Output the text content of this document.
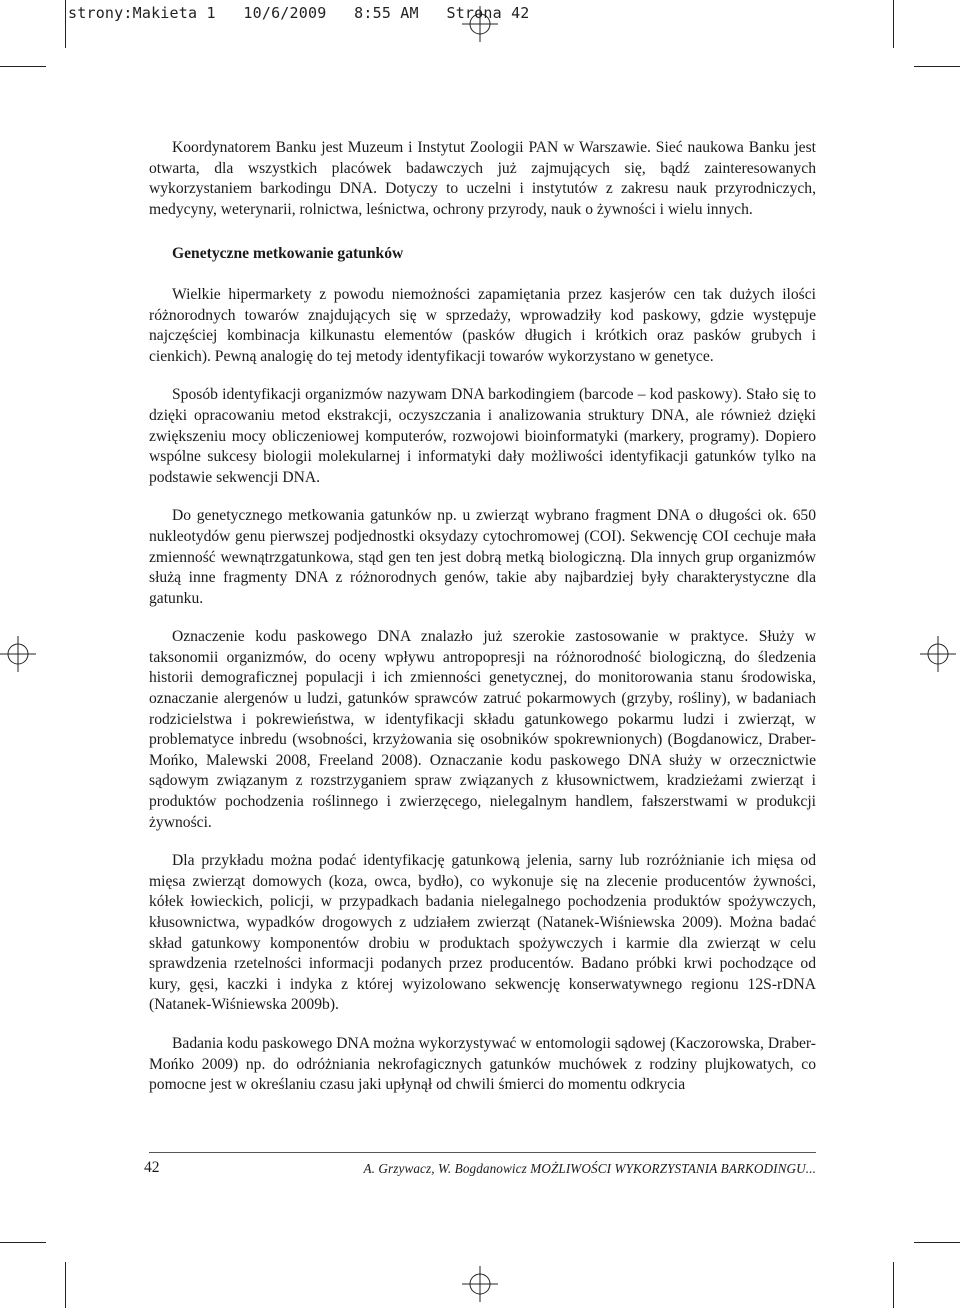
strony:Makieta 1   10/6/2009   8:55 AM   Strona 42

Koordynatorem Banku jest Muzeum i Instytut Zoologii PAN w Warszawie. Sieć naukowa Banku jest otwarta, dla wszystkich placówek badawczych już zajmujących się, bądź zainteresowanych wykorzystaniem barkodingu DNA. Dotyczy to uczelni i instytutów z zakresu nauk przyrodniczych, medycyny, weterynarii, rolnictwa, leśnictwa, ochrony przyrody, nauk o żywności i wielu innych.

Genetyczne metkowanie gatunków

Wielkie hipermarkety z powodu niemożności zapamiętania przez kasjerów cen tak dużych ilości różnorodnych towarów znajdujących się w sprzedaży, wprowadziły kod paskowy, gdzie występuje najczęściej kombinacja kilkunastu elementów (pasków długich i krótkich oraz pasków grubych i cienkich). Pewną analogię do tej metody identyfikacji towarów wykorzystano w genetyce.

Sposób identyfikacji organizmów nazywam DNA barkodingiem (barcode – kod paskowy). Stało się to dzięki opracowaniu metod ekstrakcji, oczyszczania i analizowania struktury DNA, ale również dzięki zwiększeniu mocy obliczeniowej komputerów, rozwojowi bioinformatyki (markery, programy). Dopiero wspólne sukcesy biologii molekularnej i informatyki dały możliwości identyfikacji gatunków tylko na podstawie sekwencji DNA.

Do genetycznego metkowania gatunków np. u zwierząt wybrano fragment DNA o długości ok. 650 nukleotydów genu pierwszej podjednostki oksydazy cytochromowej (COI). Sekwencję COI cechuje mała zmienność wewnątrzgatunkowa, stąd gen ten jest dobrą metką biologiczną. Dla innych grup organizmów służą inne fragmenty DNA z różnorodnych genów, takie aby najbardziej były charakterystyczne dla gatunku.

Oznaczenie kodu paskowego DNA znalazło już szerokie zastosowanie w praktyce. Służy w taksonomii organizmów, do oceny wpływu antropopresji na różnorodność biologiczną, do śledzenia historii demograficznej populacji i ich zmienności genetycznej, do monitorowania stanu środowiska, oznaczanie alergenów u ludzi, gatunków sprawców zatruć pokarmowych (grzyby, rośliny), w badaniach rodzicielstwa i pokrewieństwa, w identyfikacji składu gatunkowego pokarmu ludzi i zwierząt, w problematyce inbredu (wsobności, krzyżowania się osobników spokrewnionych) (Bogdanowicz, Draber-Mońko, Malewski 2008, Freeland 2008). Oznaczanie kodu paskowego DNA służy w orzecznictwie sądowym związanym z rozstrzyganiem spraw związanych z kłusownictwem, kradzieżami zwierząt i produktów pochodzenia roślinnego i zwierzęcego, nielegalnym handlem, fałszerstwami w produkcji żywności.

Dla przykładu można podać identyfikację gatunkową jelenia, sarny lub rozróżnianie ich mięsa od mięsa zwierząt domowych (koza, owca, bydło), co wykonuje się na zlecenie producentów żywności, kółek łowieckich, policji, w przypadkach badania nielegalnego pochodzenia produktów spożywczych, kłusownictwa, wypadków drogowych z udziałem zwierząt (Natanek-Wiśniewska 2009). Można badać skład gatunkowy komponentów drobiu w produktach spożywczych i karmie dla zwierząt w celu sprawdzenia rzetelności informacji podanych przez producentów. Badano próbki krwi pochodzące od kury, gęsi, kaczki i indyka z której wyizolowano sekwencję konserwatywnego regionu 12S-rDNA (Natanek-Wiśniewska 2009b).

Badania kodu paskowego DNA można wykorzystywać w entomologii sądowej (Kaczorowska, Draber-Mońko 2009) np. do odróżniania nekrofagicznych gatunków muchówek z rodziny plujkowatych, co pomocne jest w określaniu czasu jaki upłynął od chwili śmierci do momentu odkrycia

42	A. Grzywacz, W. Bogdanowicz MOŻLIWOŚCI WYKORZYSTANIA BARKODINGU...
